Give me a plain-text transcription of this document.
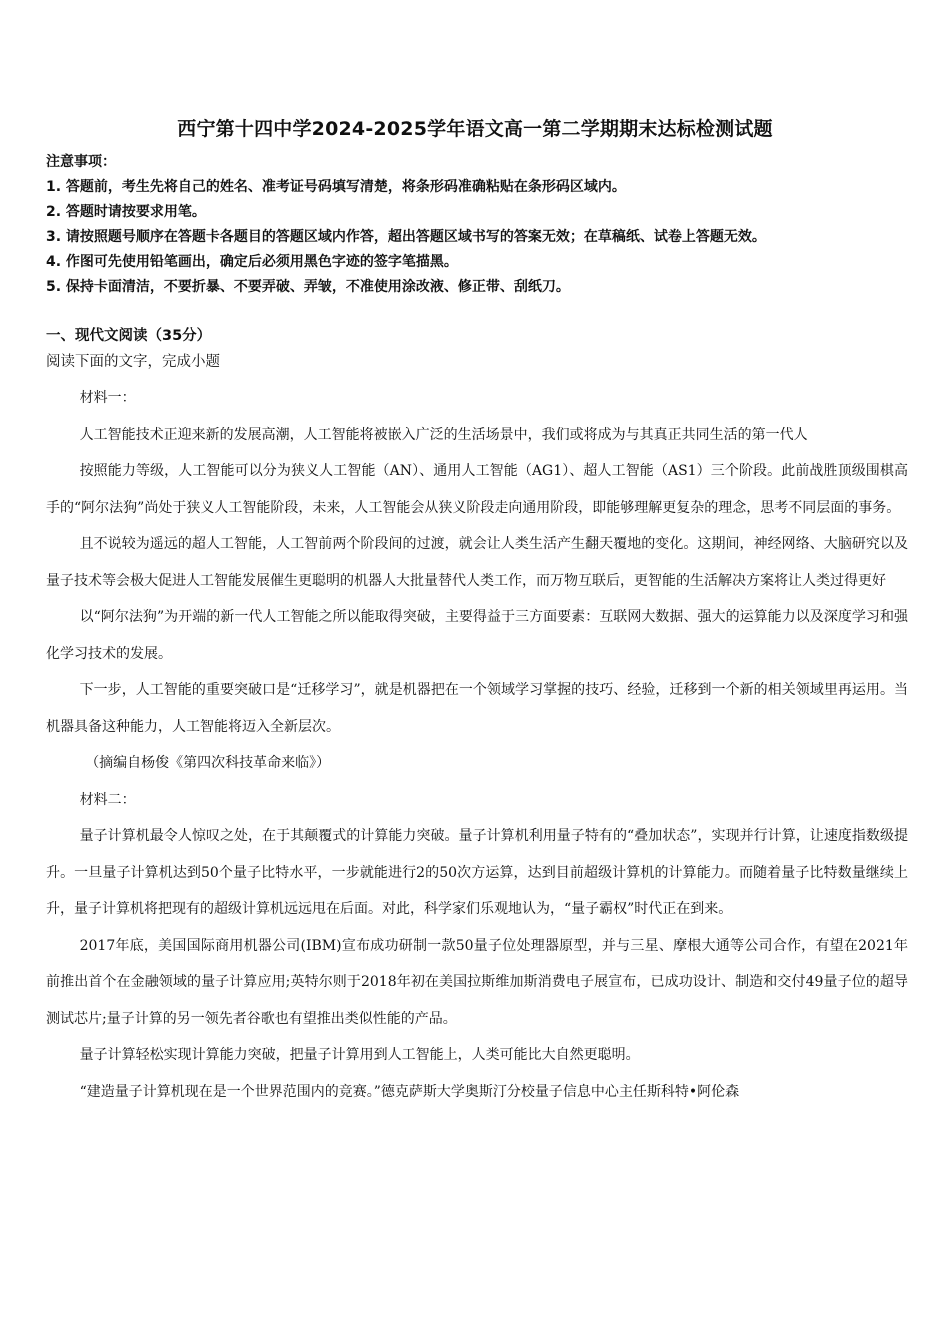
西宁第十四中学2024-2025学年语文高一第二学期期末达标检测试题
注意事项：
1. 答题前，考生先将自己的姓名、准考证号码填写清楚，将条形码准确粘贴在条形码区域内。
2. 答题时请按要求用笔。
3. 请按照题号顺序在答题卡各题目的答题区域内作答，超出答题区域书写的答案无效；在草稿纸、试卷上答题无效。
4. 作图可先使用铅笔画出，确定后必须用黑色字迹的签字笔描黑。
5. 保持卡面清洁，不要折暴、不要弄破、弄皱，不准使用涂改液、修正带、刮纸刀。
一、现代文阅读（35分）
阅读下面的文字，完成小题

材料一：

人工智能技术正迎来新的发展高潮，人工智能将被嵌入广泛的生活场景中，我们或将成为与其真正共同生活的第一代人

按照能力等级，人工智能可以分为狭义人工智能（AN）、通用人工智能（AG1）、超人工智能（AS1）三个阶段。此前战胜顶级围棋高手的“阿尔法狗”尚处于狭义人工智能阶段，未来，人工智能会从狭义阶段走向通用阶段，即能够理解更复杂的理念，思考不同层面的事务。

且不说较为遥远的超人工智能，人工智前两个阶段间的过渡，就会让人类生活产生翻天覆地的变化。这期间，神经网络、大脑研究以及量子技术等会极大促进人工智能发展催生更聪明的机器人大批量替代人类工作，而万物互联后，更智能的生活解决方案将让人类过得更好

以“阿尔法狗”为开端的新一代人工智能之所以能取得突破，主要得益于三方面要素：互联网大数据、强大的运算能力以及深度学习和强化学习技术的发展。

下一步，人工智能的重要突破口是“迁移学习”，就是机器把在一个领域学习掌握的技巧、经验，迁移到一个新的相关领域里再运用。当机器具备这种能力，人工智能将迈入全新层次。

（摘编自杨俊《第四次科技革命来临》）

材料二：

量子计算机最令人惊叹之处，在于其颠覆式的计算能力突破。量子计算机利用量子特有的“叠加状态”，实现并行计算，让速度指数级提升。一旦量子计算机达到50个量子比特水平，一步就能进行2的50次方运算，达到目前超级计算机的计算能力。而随着量子比特数量继续上升，量子计算机将把现有的超级计算机远远甩在后面。对此，科学家们乐观地认为，“量子霸权”时代正在到来。

2017年底，美国国际商用机器公司(IBM)宣布成功研制一款50量子位处理器原型，并与三星、摩根大通等公司合作，有望在2021年前推出首个在金融领域的量子计算应用;英特尔则于2018年初在美国拉斯维加斯消费电子展宣布，已成功设计、制造和交付49量子位的超导测试芯片;量子计算的另一领先者谷歌也有望推出类似性能的产品。

量子计算轻松实现计算能力突破，把量子计算用到人工智能上，人类可能比大自然更聪明。

“建造量子计算机现在是一个世界范围内的竞赛。”德克萨斯大学奥斯汀分校量子信息中心主任斯科特•阿伦森
